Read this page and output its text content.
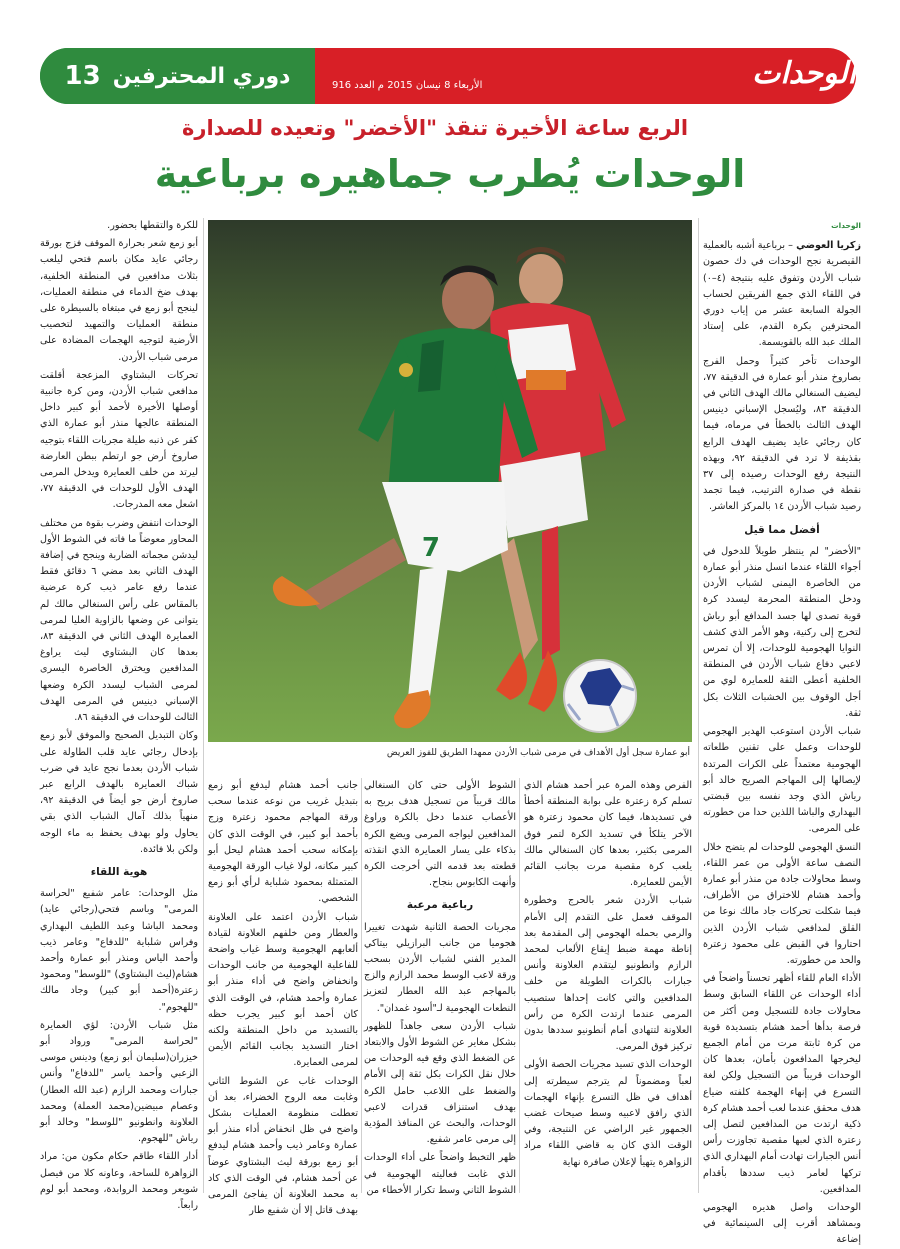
دوري المحترفين
13	الأربعاء 8 نيسان 2015 م العدد 916	الوحدات
الربع ساعة الأخيرة تنقذ "الأخضر" وتعيده للصدارة
الوحدات يُطرب جماهيره برباعية
7
أبو عمارة سجل أول الأهداف في مرمى شباب الأردن ممهدا الطريق للفوز العريض
الوحدات

زكريا العوضي – برباعية أشبه بالعملية القيصرية نجح الوحدات في دك حصون شباب الأردن وتفوق عليه بنتيجة (٤–٠) في اللقاء الذي جمع الفريقين لحساب الجولة السابعة عشر من إياب دوري المحترفين بكرة القدم، على إستاد الملك عبد الله بالقويسمة.

الوحدات تأخر كثيراً وحمل الفرج بصاروخ منذر أبو عمارة في الدقيقة ٧٧، ليضيف السنغالي مالك الهدف الثاني في الدقيقة ٨٣، وليُسجل الإسباني دينيس الهدف الثالث بالخطأ في مرماه، فيما كان رجائي عايد يضيف الهدف الرابع بقذيفة لا ترد في الدقيقة ٩٢، وبهذه النتيجة رفع الوحدات رصيده إلى ٣٧ نقطة في صدارة الترتيب، فيما تجمد رصيد شباب الأردن ١٤ بالمركز العاشر.

أفضل مما قيل

"الأخضر" لم ينتظر طويلاً للدخول في أجواء اللقاء عندما انسل منذر أبو عمارة من الخاصرة اليمنى لشباب الأردن ودخل المنطقة المحرمة ليسدد كرة قوية تصدى لها جسد المدافع أبو رياش لتخرج إلى ركنية، وهو الأمر الذي كشف النوايا الهجومية للوحدات، إلا أن تمرس لاعبي دفاع شباب الأردن في المنطقة الخلفية أعطى الثقة للعمايرة لوي من أجل الوقوف بين الخشبات الثلاث بكل ثقة.

شباب الأردن استوعب الهدير الهجومي للوحدات وعمل على تقنين طلعاته الهجومية معتمداً على الكرات المرتدة لإيصالها إلى المهاجم الصريح خالد أبو رياش الذي وجد نفسه بين قبضتي البهداري والباشا اللذين حدا من خطورته على المرمى.

النسق الهجومي للوحدات لم يتضح خلال النصف ساعة الأولى من عمر اللقاء، وسط محاولات جادة من منذر أبو عمارة وأحمد هشام للاختراق من الأطراف، فيما شكلت تحركات جاد مالك نوعا من القلق لمدافعي شباب الأردن الذين احتاروا في القبض على محمود زعترة والحد من خطورته.

الأداء العام للقاء أظهر تحسناً واضحاً في أداء الوحدات عن اللقاء السابق وسط محاولات جادة للتسجيل ومن أكثر من فرصة بدأها أحمد هشام بتسديدة قوية من كرة ثابتة مرت من أمام الجميع ليخرجها المدافعون بأمان، بعدها كان الوحدات قريباً من التسجيل ولكن لغة التسرع في إنهاء الهجمة كلفته ضياع هدف محقق عندما لعب أحمد هشام كرة ذكية ارتدت من المدافعين لتصل إلى زعترة الذي لعبها مقصية تجاوزت رأس أنس الجبارات تهادت أمام البهداري الذي تركها لعامر ذيب سددها بأقدام المدافعين.

الوحدات واصل هديره الهجومي وبمشاهد أقرب إلى السينمائية في إضاعة

الفرص وهذه المرة عبر أحمد هشام الذي تسلم كرة زعترة على بوابة المنطقة أخطأ في تسديدها، فيما كان محمود زعترة هو الآخر يتلكأ في تسديد الكرة لتمر فوق المرمى بكثير، بعدها كان السنغالي مالك يلعب كرة مقصية مرت بجانب القائم الأيمن للعمايرة.

شباب الأردن شعر بالحرج وخطورة الموقف فعمل على التقدم إلى الأمام والرمي بحمله الهجومي إلى المقدمة بعد إناطة مهمة ضبط إيقاع الألعاب لمحمد الرازم وانطونيو ليتقدم العلاونة وأنس جبارات بالكرات الطويلة من خلف المدافعين والتي كانت إحداها ستصيب المرمى عندما ارتدت الكرة من رأس العلاونة لتتهادى أمام أنطونيو سددها بدون تركيز فوق المرمى.

الوحدات الذي تسيد مجريات الحصة الأولى لعباً ومضموناً لم يترجم سيطرته إلى أهداف في ظل التسرع بإنهاء الهجمات الذي رافق لاعبيه وسط صيحات غضب الجمهور غير الراضي عن النتيجة، وفي الوقت الذي كان به قاضي اللقاء مراد الزواهرة يتهيأ لإعلان صافرة نهاية

الشوط الأولى حتى كان السنغالي مالك قريباً من تسجيل هدف بريح به الأعصاب عندما دخل بالكرة وراوغ المدافعين ليواجه المرمى ويضع الكرة بذكاء على يسار العمايرة الذي انقذته قطعته بعد قدمه التي أخرجت الكرة وأنهت الكابوس بنجاح.

رباعية مرعبة

مجريات الحصة الثانية شهدت تغييرا هجوميا من جانب البرازيلي بيتاكي المدير الفني لشباب الأردن بسحب ورقة لاعب الوسط محمد الرازم والزج بالمهاجم عبد الله العطار لتعزيز النطعات الهجومية لـ"أسود غمدان".

شباب الأردن سعى جاهداً للظهور بشكل مغاير عن الشوط الأول والابتعاد عن الضغط الذي وقع فيه الوحدات من خلال نقل الكرات بكل ثقة إلى الأمام والضغط على اللاعب حامل الكرة بهدف استنزاف قدرات لاعبي الوحدات، والبحث عن المنافذ المؤدية إلى مرمى عامر شفيع.

ظهر التخبط واضحاً على أداء الوحدات الذي غابت فعاليته الهجومية في الشوط الثاني وسط تكرار الأخطاء من

جانب أحمد هشام ليدفع أبو زمع بتبديل غريب من نوعه عندما سحب ورقة المهاجم محمود زعترة وزج بأحمد أبو كبير، في الوقت الذي كان بإمكانه سحب أحمد هشام ليحل أبو كبير مكانه، لولا غياب الورقة الهجومية المتمثلة بمحمود شلباية لرأي أبو زمع الشخصي.

شباب الأردن اعتمد على العلاونة والعطار ومن خلفهم العلاونة لقيادة ألعابهم الهجومية وسط غياب واضحة للفاعلية الهجومية من جانب الوحدات وانخفاض واضح في أداء منذر أبو عمارة وأحمد هشام، في الوقت الذي كان أحمد أبو كبير يجرب حظه بالتسديد من داخل المنطقة ولكنه اختار التسديد بجانب القائم الأيمن لمرمى العمايرة.

الوحدات غاب عن الشوط الثاني وغابت معه الروح الخضراء، بعد أن تعطلت منظومة العمليات بشكل واضح في ظل انخفاض أداء منذر أبو عمارة وعامر ذيب وأحمد هشام ليدفع أبو زمع بورقة ليث البشتاوي عوضاً عن أحمد هشام، في الوقت الذي كاد به محمد العلاونة أن يفاجئ المرمى بهدف قاتل إلا أن شفيع طار

للكرة والتقطها بحضور.

أبو زمع شعر بحرارة الموقف فزج بورقة رجائي عايد مكان باسم فتحي ليلعب بثلاث مدافعين في المنطقة الخلفية، بهدف ضخ الدماء في منطقة العمليات، لينجح أبو زمع في مبتغاه بالسيطرة على منطقة العمليات والتمهيد لتخصيب الأرضية لتوجيه الهجمات المضادة على مرمى شباب الأردن.

تحركات البشتاوي المزعجة أقلقت مدافعي شباب الأردن، ومن كرة جانبية أوصلها الأخيرة لأحمد أبو كبير داخل المنطقة عالجها منذر أبو عمارة الذي كفر عن ذنبه طيلة مجريات اللقاء بتوجيه صاروخ أرض جو ارتطم ببطن العارضة ليرتد من خلف العمايرة ويدخل المرمى الهدف الأول للوحدات في الدقيقة ٧٧، اشعل معه المدرجات.

الوحدات انتفض وضرب بقوة من مختلف المحاور معوضاً ما فاته في الشوط الأول ليدشن مجماته الضاربة وينجح في إضافة الهدف الثاني بعد مضي ٦ دقائق فقط عندما رفع عامر ذيب كرة عرضية بالمقاس على رأس السنغالي مالك لم يتوانى عن وضعها بالزاوية العليا لمرمى العمايرة الهدف الثاني في الدقيقة ٨٣، بعدها كان البشتاوي ليث يراوغ المدافعين ويخترق الخاصرة اليسرى لمرمى الشباب ليسدد الكرة وضعها الإسباني دينيس في المرمى الهدف الثالث للوحدات في الدقيقة ٨٦.

وكان التبديل الصحيح والموفق لأبو زمع بإدخال رجائي عايد قلب الطاولة على شباب الأردن بعدما نجح عايد في ضرب شباك العمايرة بالهدف الرابع عبر صاروخ أرض جو أيضاً في الدقيقة ٩٢، منهياً بذلك آمال الشباب الذي بقي يحاول ولو بهدف يحفظ به ماء الوجه ولكن بلا فائدة.

هوية اللقاء

مثل الوحدات: عامر شفيع "لحراسة المرمى" وباسم فتحي(رجائي عايد) ومحمد الباشا وعبد اللطيف البهداري وفراس شلباية "للدفاع" وعامر ذيب وأحمد الياس ومنذر أبو عمارة وأحمد هشام(ليث البشتاوي) "للوسط" ومحمود زعترة(أحمد أبو كبير) وجاد مالك "للهجوم".

مثل شباب الأردن: لؤي العمايرة "لحراسة المرمى" ورواد أبو خيزران(سليمان أبو زمع) ودينس موسى الزعبي وأحمد ياسر "للدفاع" وأنس جبارات ومحمد الرازم (عبد الله العطار) وعصام مبيضين(محمد العملة) ومحمد العلاونة وانطونيو "للوسط" وخالد أبو رياش "للهجوم.

أدار اللقاء طاقم حكام مكون من: مراد الزواهرة للساحة، وعاونه كلا من فيصل شويعر ومحمد الروابدة، ومحمد أبو لوم رابعاً.
